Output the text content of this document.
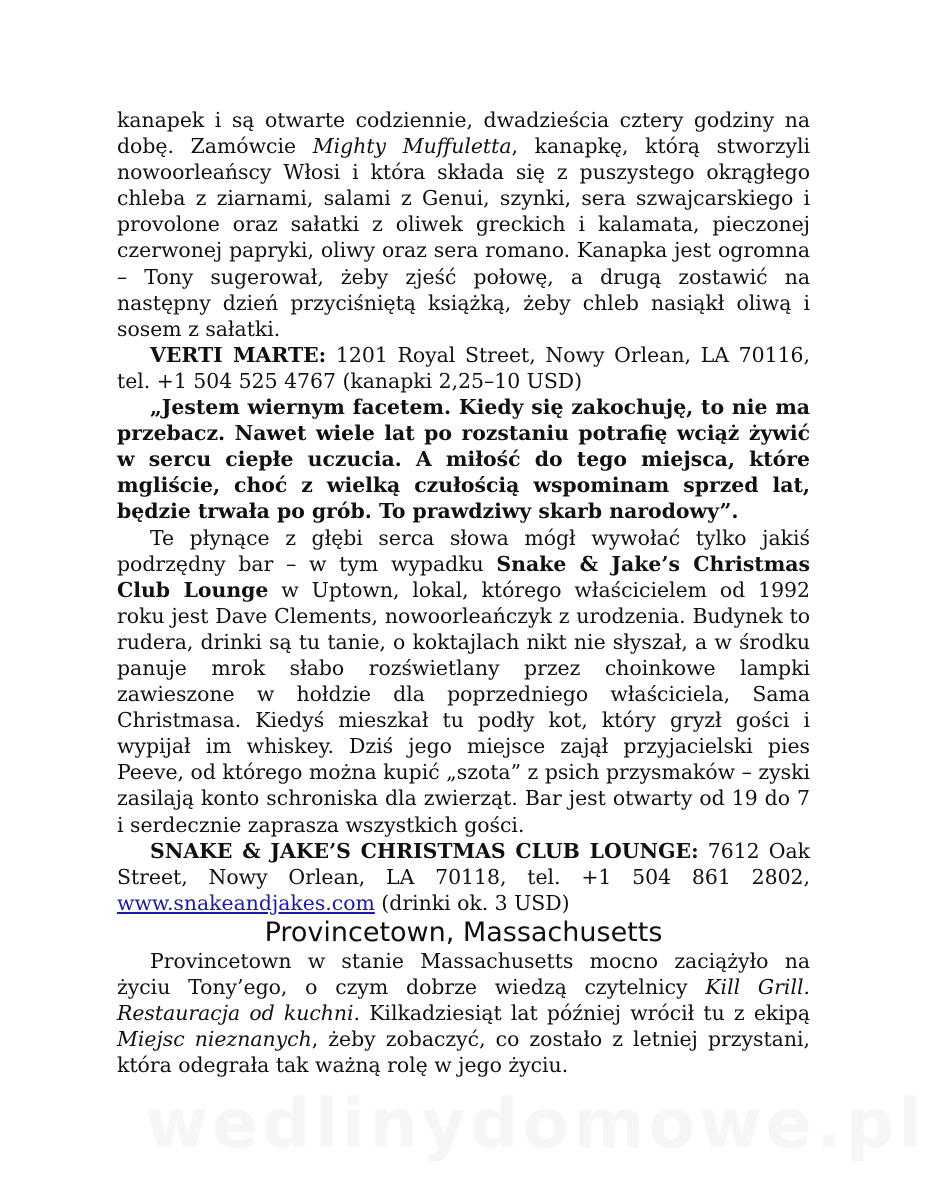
kanapek i są otwarte codziennie, dwadzieścia cztery godziny na dobę. Zamówcie Mighty Muffuletta, kanapkę, którą stworzyli nowoorleańscy Włosi i która składa się z puszystego okrągłego chleba z ziarnami, salami z Genui, szynki, sera szwajcarskiego i provolone oraz sałatki z oliwek greckich i kalamata, pieczonej czerwonej papryki, oliwy oraz sera romano. Kanapka jest ogromna – Tony sugerował, żeby zjeść połowę, a drugą zostawić na następny dzień przyciśniętą książką, żeby chleb nasiąkł oliwą i sosem z sałatki.

VERTI MARTE: 1201 Royal Street, Nowy Orlean, LA 70116, tel. +1 504 525 4767 (kanapki 2,25–10 USD)

„Jestem wiernym facetem. Kiedy się zakochuję, to nie ma przebacz. Nawet wiele lat po rozstaniu potrafię wciąż żywić w sercu ciepłe uczucia. A miłość do tego miejsca, które mgliście, choć z wielką czułością wspominam sprzed lat, będzie trwała po grób. To prawdziwy skarb narodowy”.

Te płynące z głębi serca słowa mógł wywołać tylko jakiś podrzędny bar – w tym wypadku Snake & Jake’s Christmas Club Lounge w Uptown, lokal, którego właścicielem od 1992 roku jest Dave Clements, nowoorleańczyk z urodzenia. Budynek to rudera, drinki są tu tanie, o koktajlach nikt nie słyszał, a w środku panuje mrok słabo rozświetlany przez choinkowe lampki zawieszone w hołdzie dla poprzedniego właściciela, Sama Christmasa. Kiedyś mieszkał tu podły kot, który gryzł gości i wypijał im whiskey. Dziś jego miejsce zajął przyjacielski pies Peeve, od którego można kupić „szota” z psich przysmaków – zyski zasilają konto schroniska dla zwierząt. Bar jest otwarty od 19 do 7 i serdecznie zaprasza wszystkich gości.

SNAKE & JAKE’S CHRISTMAS CLUB LOUNGE: 7612 Oak Street, Nowy Orlean, LA 70118, tel. +1 504 861 2802, www.snakeandjakes.com (drinki ok. 3 USD)

Provincetown, Massachusetts

Provincetown w stanie Massachusetts mocno zaciążyło na życiu Tony’ego, o czym dobrze wiedzą czytelnicy Kill Grill. Restauracja od kuchni. Kilkadziesiąt lat później wrócił tu z ekipą Miejsc nieznanych, żeby zobaczyć, co zostało z letniej przystani, która odegrała tak ważną rolę w jego życiu.

wedlinydomowe.pl
